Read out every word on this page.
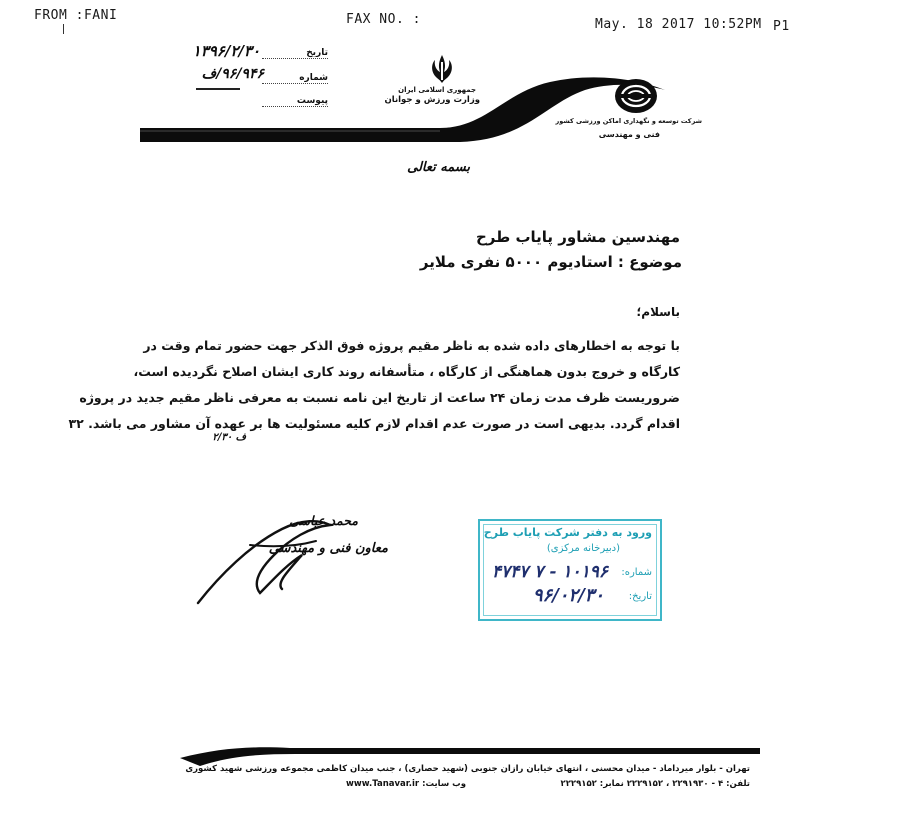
FROM :FANI	FAX NO. :	May. 18 2017 10:52PM P1
۱۳۹۶/۲/۳۰	تاریخ
۹۶/۹۴۶/ف	شماره
پیوست
جمهوری اسلامی ایران
وزارت ورزش و جوانان
شرکت توسعه و نگهداری اماکن ورزشی کشور
فنی و مهندسی
بسمه تعالی
مهندسین مشاور پایاب طرح
موضوع : استادیوم ۵۰۰۰ نفری ملایر
باسلام؛
با توجه به اخطارهای داده شده به ناظر مقیم پروژه فوق الذکر جهت حضور تمام وقت در
کارگاه و خروج بدون هماهنگی از کارگاه ، متأسفانه روند کاری ایشان اصلاح نگردیده است،
ضروریست ظرف مدت زمان ۲۴ ساعت از تاریخ این نامه نسبت به معرفی ناظر مقیم جدید در پروژه
اقدام گردد. بدیهی است در صورت عدم اقدام لازم کلیه مسئولیت ها بر عهده آن مشاور می باشد. ۳۲
ف ۲/۳۰
محمد عباسی
معاون فنی و مهندسی
ورود به دفتر شرکت پایاب طرح
(دبیرخانه مرکزی)
شماره:
۱۰۱۹۶ - ۷ ۴۷۴۷
تاریخ:
۹۶/۰۲/۳۰
تهران - بلوار میرداماد - میدان محسنی ، انتهای خیابان رازان جنوبی (شهید حصاری) ، جنب میدان کاظمی مجموعه ورزشی شهید کشوری
تلفن: ۴ - ۲۲۹۱۹۳۰ ، ۲۲۲۹۱۵۲ نمابر: ۲۲۲۹۱۵۲
www.Tanavar.ir :وب سایت
